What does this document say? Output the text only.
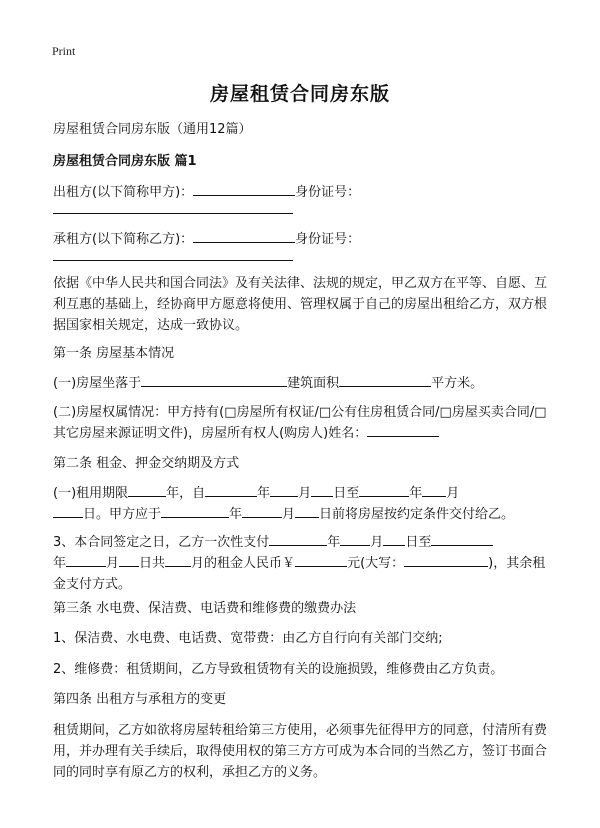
Print
房屋租赁合同房东版

房屋租赁合同房东版（通用12篇）

房屋租赁合同房东版 篇1

出租方(以下简称甲方)：	身份证号：

承租方(以下简称乙方)：	身份证号：

依据《中华人民共和国合同法》及有关法律、法规的规定，甲乙双方在平等、自愿、互利互惠的基础上，经协商甲方愿意将使用、管理权属于自己的房屋出租给乙方，双方根据国家相关规定，达成一致协议。

第一条 房屋基本情况

(一)房屋坐落于	建筑面积	平方米。

(二)房屋权属情况：甲方持有(□房屋所有权证/□公有住房租赁合同/□房屋买卖合同/□其它房屋来源证明文件)，房屋所有权人(购房人)姓名：

第二条 租金、押金交纳期及方式

(一)租用期限	年，自	年 月 日至	年 月
日。甲方应于	年	月 日前将房屋按约定条件交付给乙。

3、本合同签定之日，乙方一次性支付	年 月 日至
年	月 日共 月的租金人民币￥	元(大写：	)，其余租金支付方式。

第三条 水电费、保洁费、电话费和维修费的缴费办法

1、保洁费、水电费、电话费、宽带费：由乙方自行向有关部门交纳;

2、维修费：租赁期间，乙方导致租赁物有关的设施损毁，维修费由乙方负责。

第四条 出租方与承租方的变更

租赁期间，乙方如欲将房屋转租给第三方使用，必须事先征得甲方的同意，付清所有费用，并办理有关手续后，取得使用权的第三方方可成为本合同的当然乙方，签订书面合同的同时享有原乙方的权利，承担乙方的义务。
